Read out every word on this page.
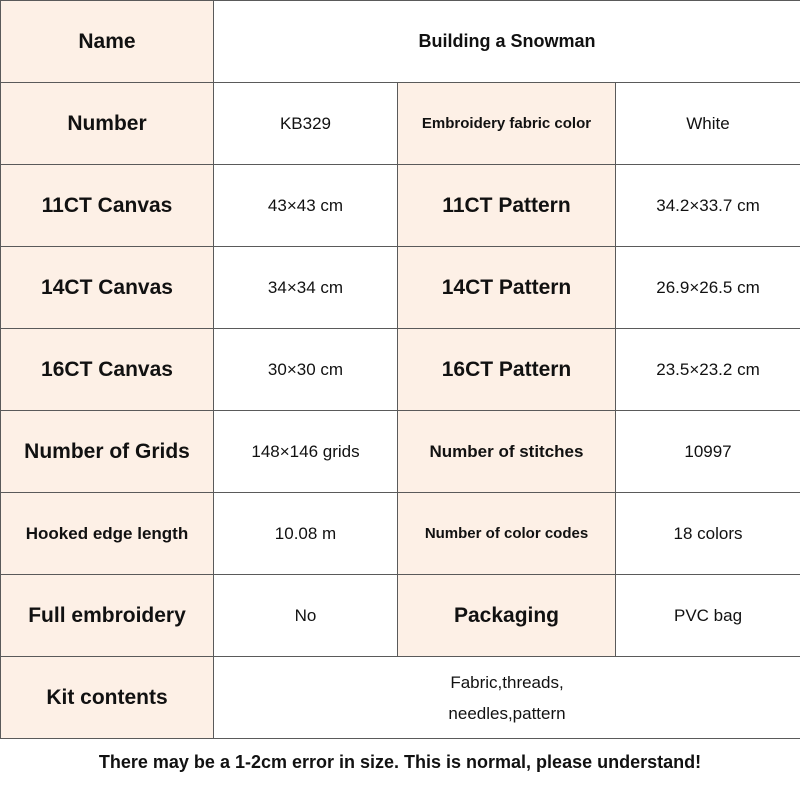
Name	Building a Snowman		
Number	KB329	Embroidery fabric color	White
11CT Canvas	43×43 cm	11CT Pattern	34.2×33.7 cm
14CT Canvas	34×34 cm	14CT Pattern	26.9×26.5 cm
16CT Canvas	30×30 cm	16CT Pattern	23.5×23.2 cm
Number of Grids	148×146 grids	Number of stitches	10997
Hooked edge length	10.08 m	Number of color codes	18 colors
Full embroidery	No	Packaging	PVC bag
Kit contents	Fabric,threads,
needles,pattern		
There may be a 1-2cm error in size. This is normal, please understand!
